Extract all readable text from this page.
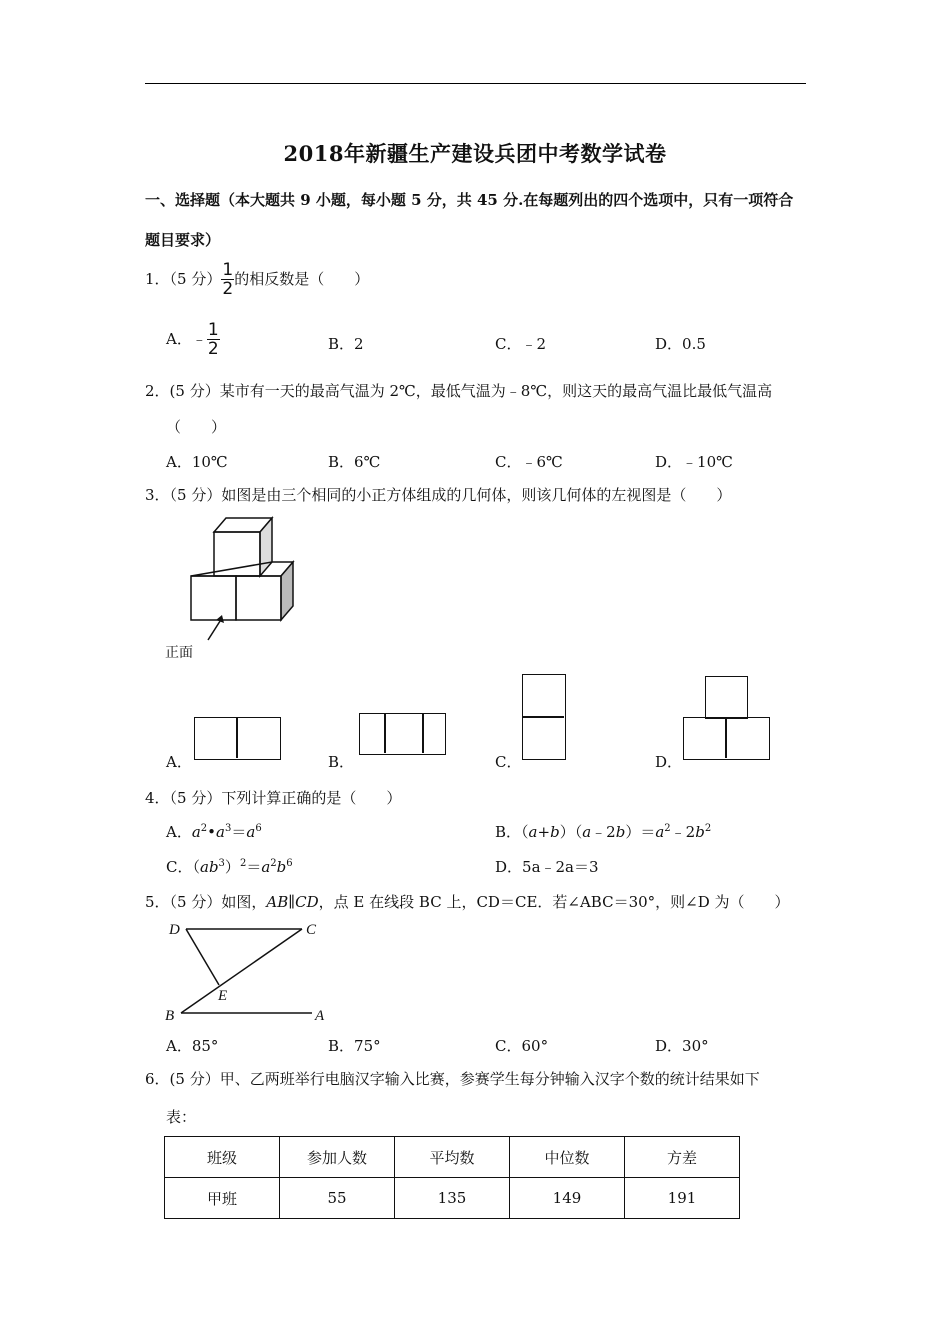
2018年新疆生产建设兵团中考数学试卷
一、选择题（本大题共 9 小题，每小题 5 分，共 45 分.在每题列出的四个选项中，只有一项符合
题目要求）
1．（5 分） $\frac{1}{2}$ 的相反数是（　　）
A．﹣ $\frac{1}{2}$	B．2	C．﹣2	D．0.5
2．(5 分）某市有一天的最高气温为 2℃，最低气温为﹣8℃，则这天的最高气温比最低气温高
（　　）
A．10℃	B．6℃	C．﹣6℃	D．﹣10℃
3．（5 分）如图是由三个相同的小正方体组成的几何体，则该几何体的左视图是（　　）
正面
A．	B．	C．	D．
4．（5 分）下列计算正确的是（　　）
A．$a^2•a^3=a^6$	B．$(a+b)(a﹣2b)=a^2﹣2b^2$
C．$(ab^3)^2=a^2b^6$	D．5a﹣2a＝3
5．（5 分）如图，AB∥CD，点 E 在线段 BC 上，CD＝CE．若∠ABC＝30°，则∠D 为（　　）
D	C
E
B	A
A．85°	B．75°	C．60°	D．30°
6．(5 分）甲、乙两班举行电脑汉字输入比赛，参赛学生每分钟输入汉字个数的统计结果如下
表：
班级	参加人数	平均数	中位数	方差
甲班	55	135	149	191
